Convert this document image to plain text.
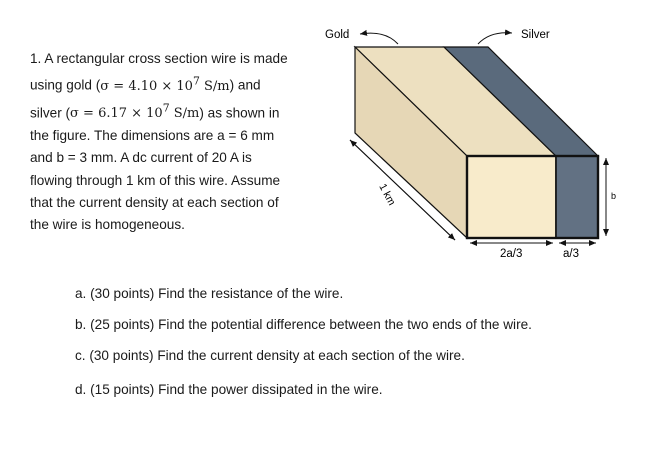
1. A rectangular cross section wire is made

using gold ($\sigma = 4.10 \times 10^7$ S/m) and

silver ($\sigma = 6.17 \times 10^7$ S/m) as shown in

the figure. The dimensions are a = 6 mm

and b = 3 mm. A dc current of 20 A is

flowing through 1 km of this wire. Assume

that the current density at each section of

the wire is homogeneous.

Gold	Silver
1 km
2a/3	a/3
b
a. (30 points) Find the resistance of the wire.
b. (25 points) Find the potential difference between the two ends of the wire.
c. (30 points) Find the current density at each section of the wire.
d. (15 points) Find the power dissipated in the wire.
